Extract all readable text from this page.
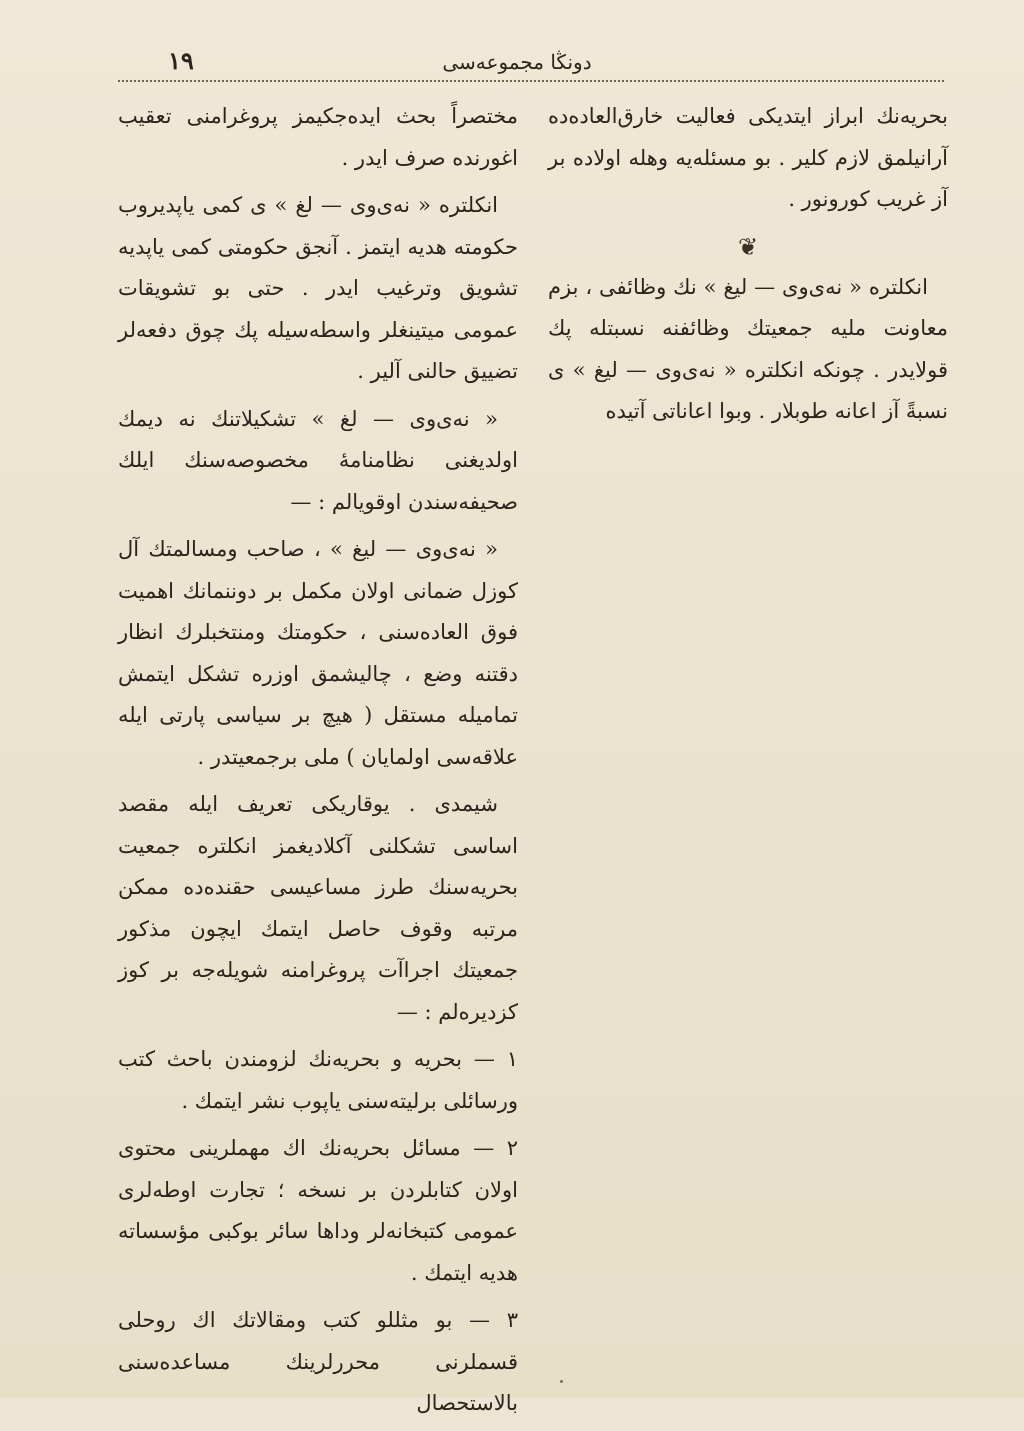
١٩	دونڭا مجموعه‌سی

بحریه‌نك ابراز ایتدیكی فعالیت خارق‌العاده‌ده آرانیلمق لازم كلیر . بو مسئله‌یه وهله اولاده بر آز غریب كورونور .

❦

انكلتره « نه‌ی‌وی — لیغ » نك وظائفی ، بزم معاونت ملیه جمعیتك وظائفنه نسبتله پك قولایدر . چونكه انكلتره « نه‌ی‌وی — لیغ » ی نسبةً آز اعانه طوبلار . وبوا اعاناتی آتیده

مختصراً بحث ایده‌جكیمز پروغرامنی تعقیب اغورنده صرف ایدر .

انكلتره « نه‌ی‌وی — لغ » ی كمی یاپدیروب حكومته هدیه ایتمز . آنجق حكومتی كمی یاپدیه تشویق وترغیب ایدر . حتی بو تشویقات عمومی میتینغلر واسطه‌سیله پك چوق دفعه‌لر تضییق حالنی آلیر .

« نه‌ی‌وی — لغ » تشكیلاتنك نه دیمك اولدیغنی نظامنامهٔ مخصوصه‌سنك ایلك صحیفه‌سندن اوقویالم : —

« نه‌ی‌وی — لیغ » ، صاحب ومسالمتك آل كوزل ضمانی اولان مكمل بر دوننمانك اهمیت فوق العاده‌سنی ، حكومتك ومنتخبلرك انظار دقتنه وضع ، چالیشمق اوزره تشكل ایتمش تماميله مستقل ( هیچ بر سیاسی پارتی ایله علاقه‌سی اولمایان ) ملی برجمعیتدر .

شیمدی . یوقاریكی تعریف ایله مقصد اساسی تشكلنی آكلادیغمز انكلتره جمعیت بحریه‌سنك طرز مساعیسی حقنده‌ده ممكن مرتبه وقوف حاصل ایتمك ایچون مذكور جمعیتك اجراآت پروغرامنه شویله‌جه بر كوز كزدیره‌لم : —

١ — بحریه و بحریه‌نك لزومندن باحث كتب ورسائلی برلیته‌سنی یاپوب نشر ایتمك .

٢ — مسائل بحریه‌نك اك مهملرینی محتوی اولان كتابلردن بر نسخه ؛ تجارت اوطه‌لری عمومی كتبخانه‌لر وداها سائر بوكبی مؤسساته هدیه ایتمك .

٣ — بو مثللو كتب ومقالاتك اك روحلی قسملرنی محررلرینك مساعده‌سنی بالاستحصال
